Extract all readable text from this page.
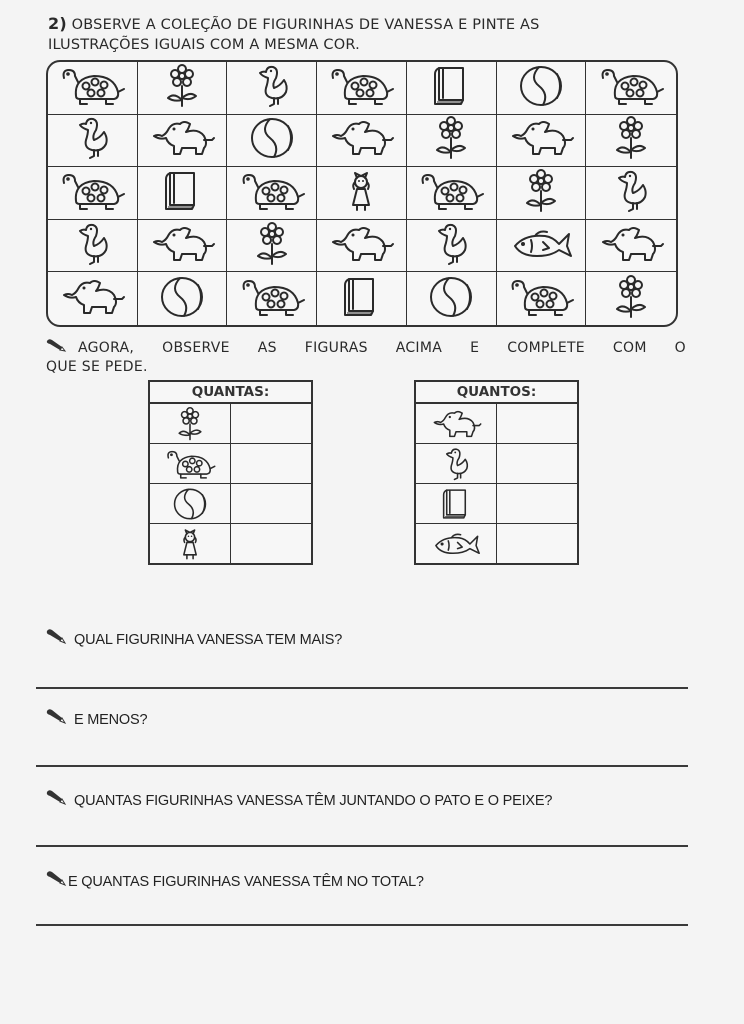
2) OBSERVE A COLEÇÃO DE FIGURINHAS DE VANESSA E PINTE AS
ILUSTRAÇÕES IGUAIS COM A MESMA COR.
AGORA, OBSERVE AS FIGURAS ACIMA E COMPLETE COM O
QUE SE PEDE.
QUANTAS:	QUANTOS:
QUAL FIGURINHA VANESSA TEM MAIS?
E MENOS?
QUANTAS FIGURINHAS VANESSA TÊM JUNTANDO O PATO E O PEIXE?
E QUANTAS FIGURINHAS VANESSA TÊM NO TOTAL?
